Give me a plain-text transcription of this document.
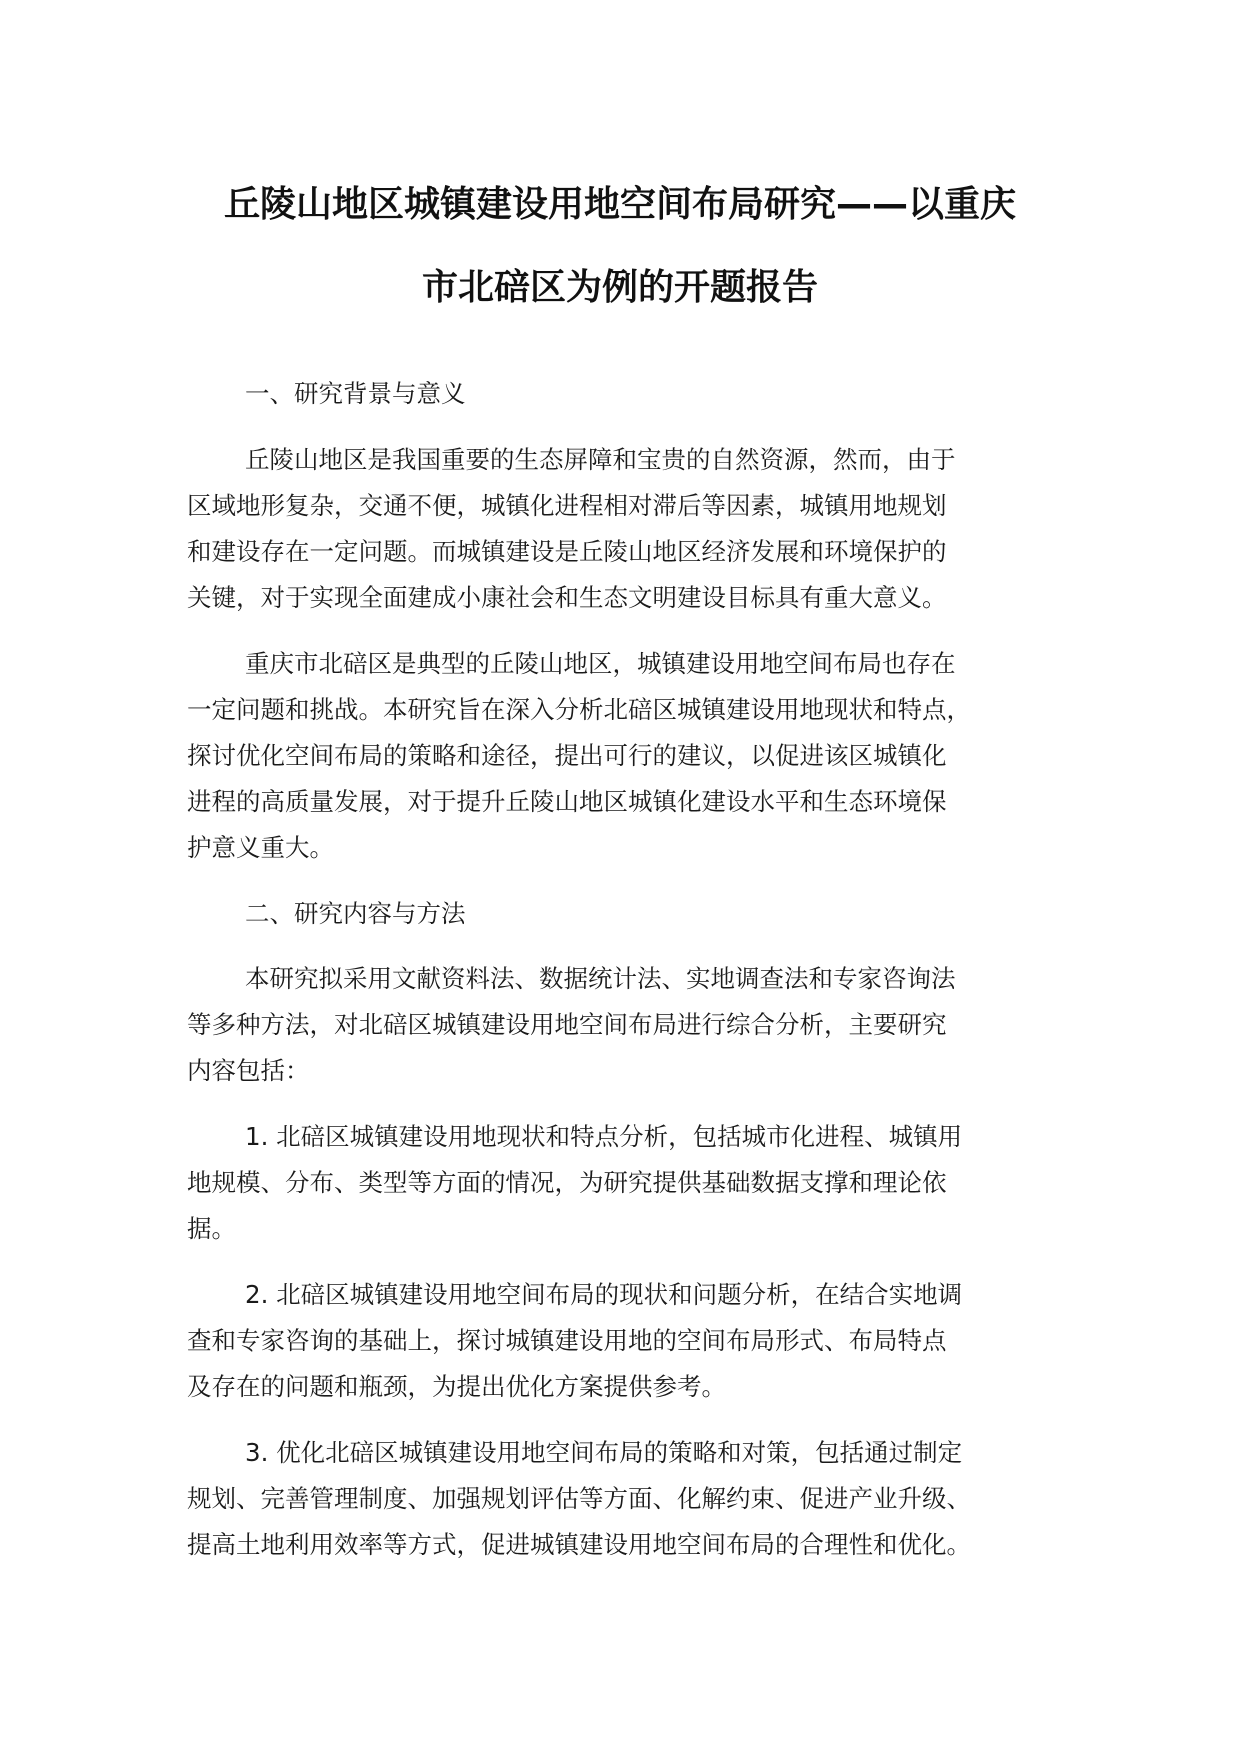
丘陵山地区城镇建设用地空间布局研究——以重庆
市北碚区为例的开题报告
一、研究背景与意义
丘陵山地区是我国重要的生态屏障和宝贵的自然资源，然而，由于
区域地形复杂，交通不便，城镇化进程相对滞后等因素，城镇用地规划
和建设存在一定问题。而城镇建设是丘陵山地区经济发展和环境保护的
关键，对于实现全面建成小康社会和生态文明建设目标具有重大意义。
重庆市北碚区是典型的丘陵山地区，城镇建设用地空间布局也存在
一定问题和挑战。本研究旨在深入分析北碚区城镇建设用地现状和特点，
探讨优化空间布局的策略和途径，提出可行的建议，以促进该区城镇化
进程的高质量发展，对于提升丘陵山地区城镇化建设水平和生态环境保
护意义重大。
二、研究内容与方法
本研究拟采用文献资料法、数据统计法、实地调查法和专家咨询法
等多种方法，对北碚区城镇建设用地空间布局进行综合分析，主要研究
内容包括：
1. 北碚区城镇建设用地现状和特点分析，包括城市化进程、城镇用
地规模、分布、类型等方面的情况，为研究提供基础数据支撑和理论依
据。
2. 北碚区城镇建设用地空间布局的现状和问题分析，在结合实地调
查和专家咨询的基础上，探讨城镇建设用地的空间布局形式、布局特点
及存在的问题和瓶颈，为提出优化方案提供参考。
3. 优化北碚区城镇建设用地空间布局的策略和对策，包括通过制定
规划、完善管理制度、加强规划评估等方面、化解约束、促进产业升级、
提高土地利用效率等方式，促进城镇建设用地空间布局的合理性和优化。
